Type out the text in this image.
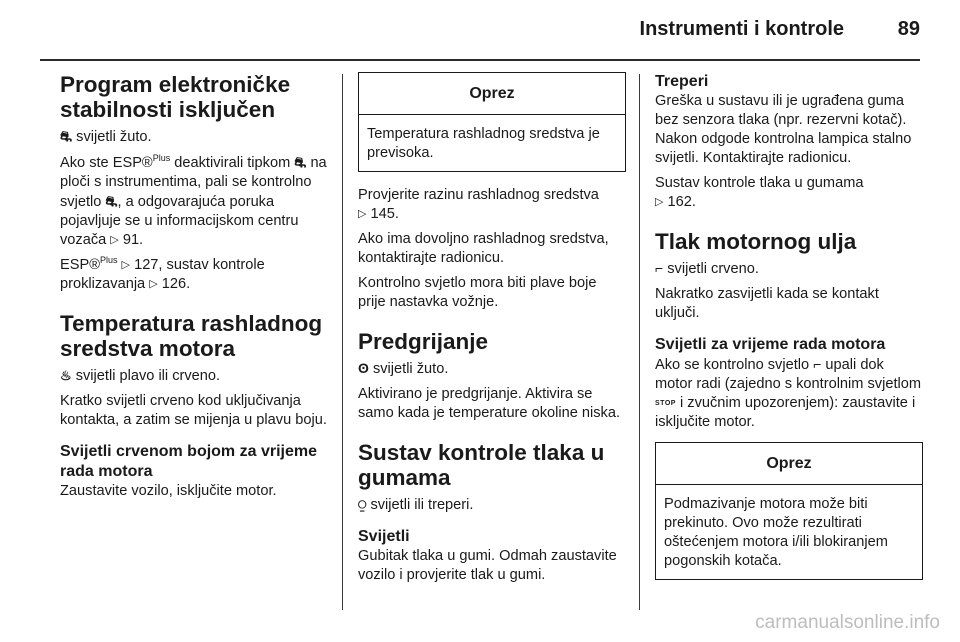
Instrumenti i kontrole	89
Program elektroničke stabilnosti isključen

⛐ svijetli žuto.

Ako ste ESP®$^{Plus}$ deaktivirali tipkom ⛐ na ploči s instrumentima, pali se kontrolno svjetlo ⛐, a odgovarajuća poruka pojavljuje se u informacijskom centru vozača ▷ 91.

ESP®$^{Plus}$ ▷ 127, sustav kontrole proklizavanja ▷ 126.

Temperatura rashladnog sredstva motora

♨ svijetli plavo ili crveno.

Kratko svijetli crveno kod uključivanja kontakta, a zatim se mijenja u plavu boju.

Svijetli crvenom bojom za vrijeme rada motora

Zaustavite vozilo, isključite motor.

Oprez
Temperatura rashladnog sredstva je previsoka.

Provjerite razinu rashladnog sredstva
▷ 145.

Ako ima dovoljno rashladnog sredstva, kontaktirajte radionicu.

Kontrolno svjetlo mora biti plave boje prije nastavka vožnje.

Predgrijanje

ʘ svijetli žuto.

Aktivirano je predgrijanje. Aktivira se samo kada je temperature okoline niska.

Sustav kontrole tlaka u gumama

⍜ svijetli ili treperi.

Svijetli

Gubitak tlaka u gumi. Odmah zaustavite vozilo i provjerite tlak u gumi.

Treperi

Greška u sustavu ili je ugrađena guma bez senzora tlaka (npr. rezervni kotač). Nakon odgode kontrolna lampica stalno svijetli. Kontaktirajte radionicu.

Sustav kontrole tlaka u gumama
▷ 162.

Tlak motornog ulja

⌐ svijetli crveno.

Nakratko zasvijetli kada se kontakt uključi.

Svijetli za vrijeme rada motora

Ako se kontrolno svjetlo ⌐ upali dok motor radi (zajedno s kontrolnim svjetlom STOP i zvučnim upozorenjem): zaustavite i isključite motor.

Oprez
Podmazivanje motora može biti prekinuto. Ovo može rezultirati oštećenjem motora i/ili blokiranjem pogonskih kotača.
carmanualsonline.info
